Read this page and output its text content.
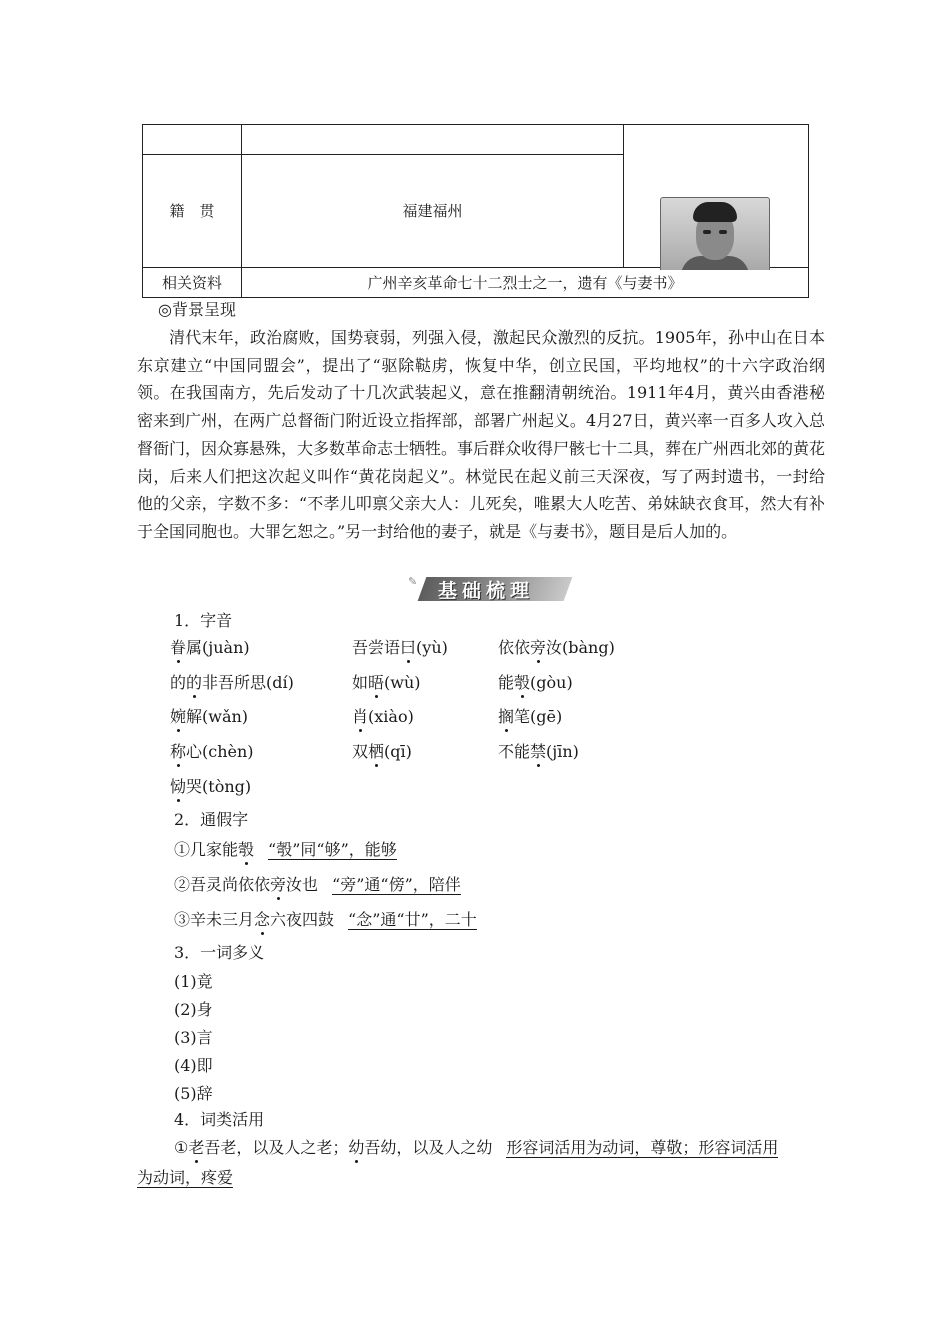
籍　贯	福建福州	
相关资料	广州辛亥革命七十二烈士之一，遗有《与妻书》	
◎背景呈现
清代末年，政治腐败，国势衰弱，列强入侵，激起民众激烈的反抗。1905年，孙中山在日本东京建立“中国同盟会”，提出了“驱除鞑虏，恢复中华，创立民国，平均地权”的十六字政治纲领。在我国南方，先后发动了十几次武装起义，意在推翻清朝统治。1911年4月，黄兴由香港秘密来到广州，在两广总督衙门附近设立指挥部，部署广州起义。4月27日，黄兴率一百多人攻入总督衙门，因众寡悬殊，大多数革命志士牺牲。事后群众收得尸骸七十二具，葬在广州西北郊的黄花岗，后来人们把这次起义叫作“黄花岗起义”。林觉民在起义前三天深夜，写了两封遗书，一封给他的父亲，字数不多：“不孝儿叩禀父亲大人：儿死矣，唯累大人吃苦、弟妹缺衣食耳，然大有补于全国同胞也。大罪乞恕之。”另一封给他的妻子，就是《与妻书》，题目是后人加的。
✎	基础梳理
1．字音
眷属(juàn)	吾尝语曰(yù)	依依旁汝(bàng)
的的非吾所思(dí)	如晤(wù)	能彀(gòu)
婉解(wǎn)	肖(xiào)	搁笔(gē)
称心(chèn)	双栖(qī)	不能禁(jīn)
恸哭(tòng)
2．通假字
①几家能彀 “彀”同“够”，能够
②吾灵尚依依旁汝也 “旁”通“傍”，陪伴
③辛未三月念六夜四鼓 “念”通“廿”，二十
3．一词多义
(1)竟
(2)身
(3)言
(4)即
(5)辞
4．词类活用
①老吾老，以及人之老；幼吾幼，以及人之幼 形容词活用为动词，尊敬；形容词活用
为动词，疼爱
